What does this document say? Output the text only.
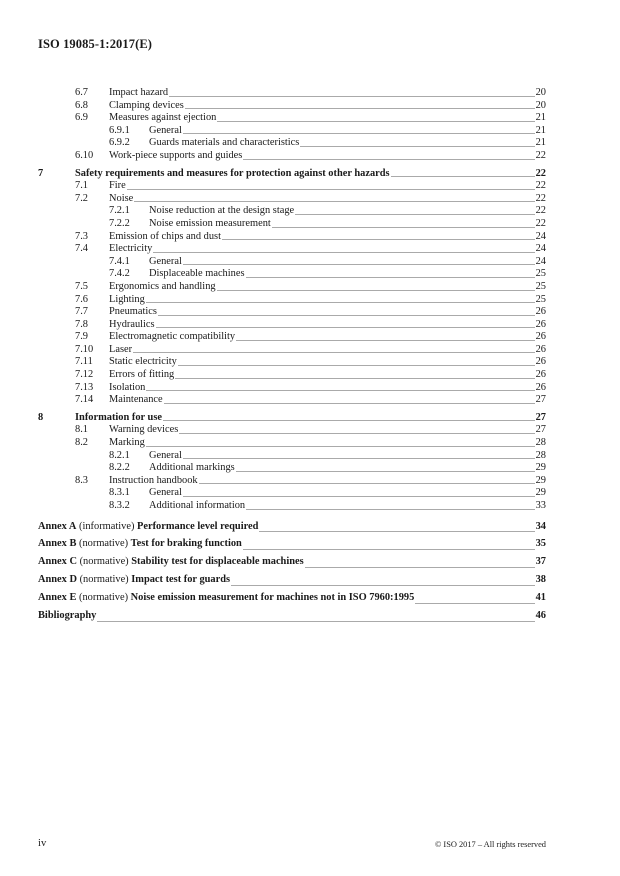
ISO 19085-1:2017(E)
6.7	Impact hazard	20
6.8	Clamping devices	20
6.9	Measures against ejection	21
6.9.1	General	21
6.9.2	Guards materials and characteristics	21
6.10	Work-piece supports and guides	22
7	Safety requirements and measures for protection against other hazards	22
7.1	Fire	22
7.2	Noise	22
7.2.1	Noise reduction at the design stage	22
7.2.2	Noise emission measurement	22
7.3	Emission of chips and dust	24
7.4	Electricity	24
7.4.1	General	24
7.4.2	Displaceable machines	25
7.5	Ergonomics and handling	25
7.6	Lighting	25
7.7	Pneumatics	26
7.8	Hydraulics	26
7.9	Electromagnetic compatibility	26
7.10	Laser	26
7.11	Static electricity	26
7.12	Errors of fitting	26
7.13	Isolation	26
7.14	Maintenance	27
8	Information for use	27
8.1	Warning devices	27
8.2	Marking	28
8.2.1	General	28
8.2.2	Additional markings	29
8.3	Instruction handbook	29
8.3.1	General	29
8.3.2	Additional information	33
Annex A (informative) Performance level required	34
Annex B (normative) Test for braking function	35
Annex C (normative) Stability test for displaceable machines	37
Annex D (normative) Impact test for guards	38
Annex E (normative) Noise emission measurement for machines not in ISO 7960:1995	41
Bibliography	46
iv	© ISO 2017 – All rights reserved
